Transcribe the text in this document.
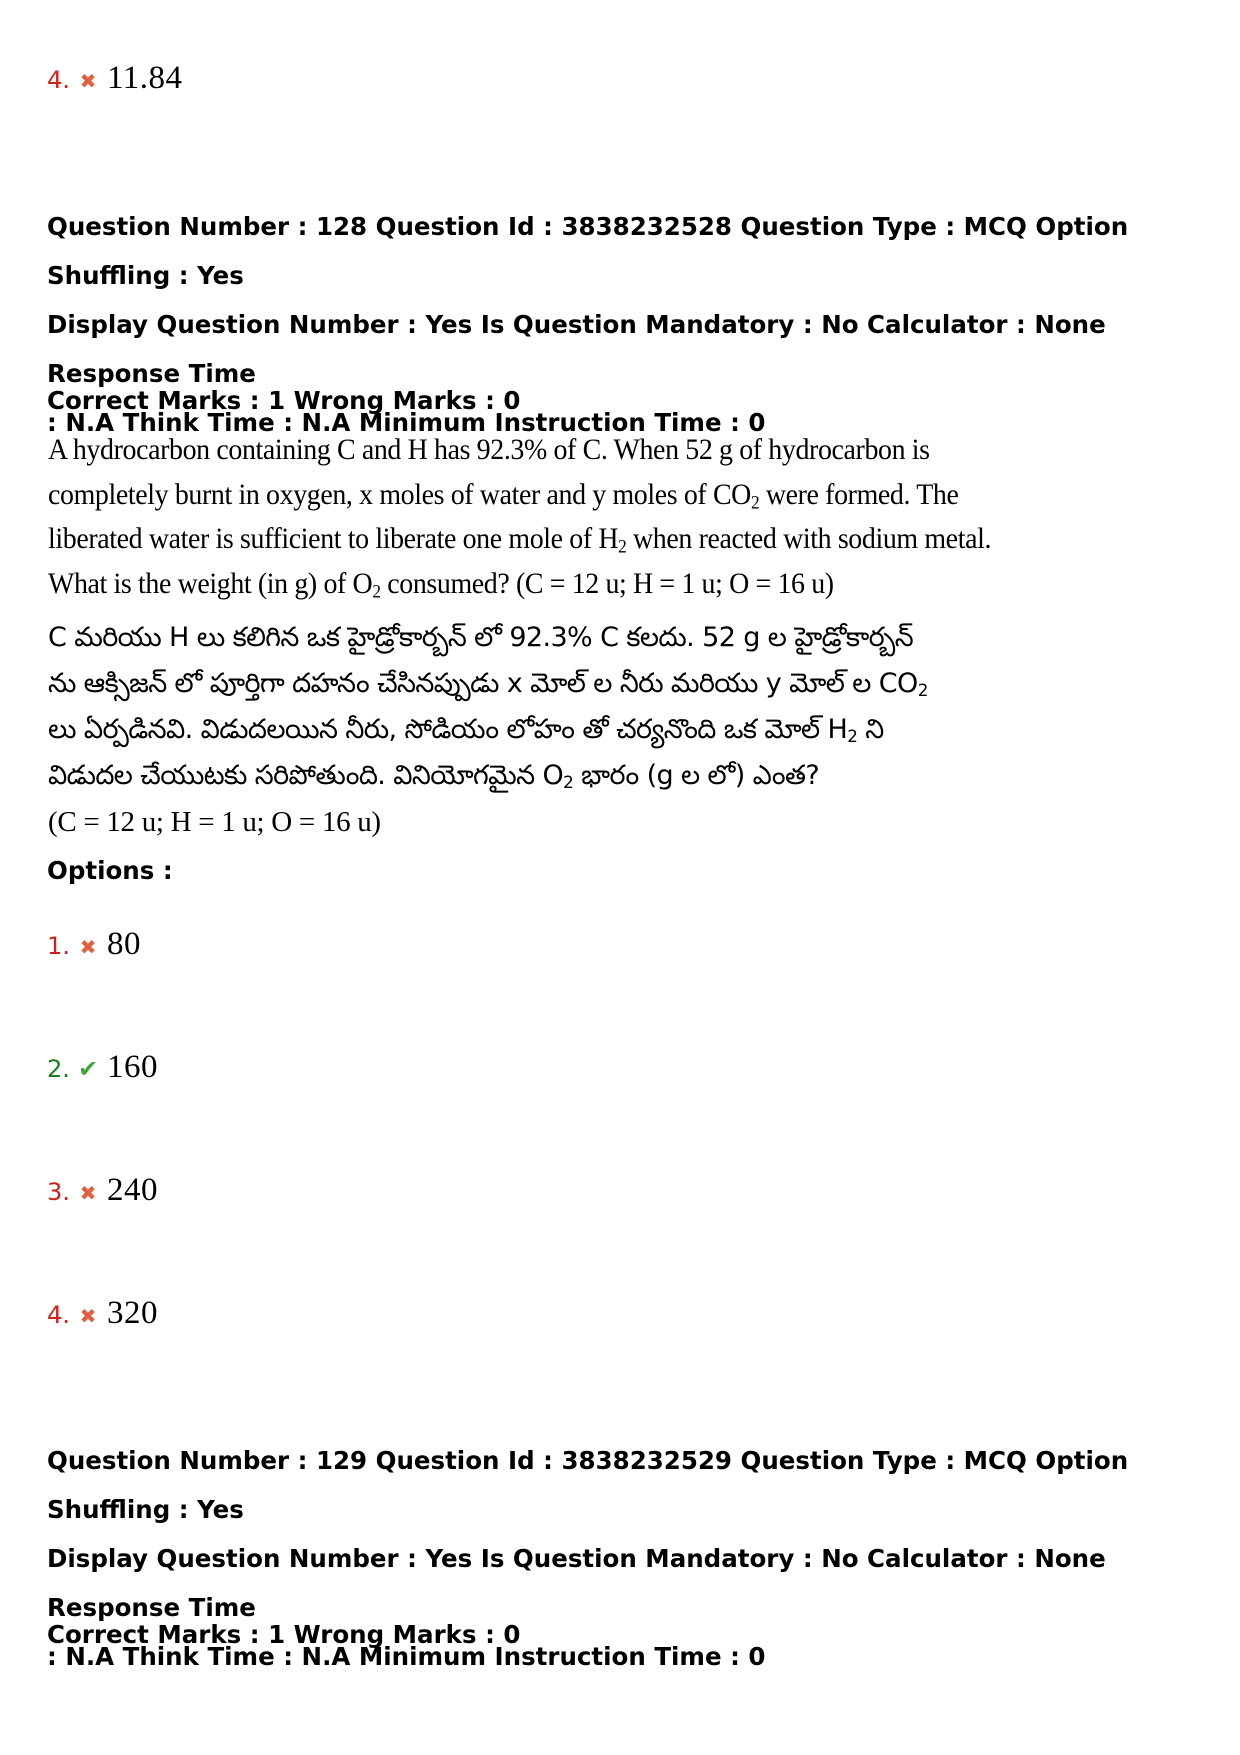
4. ✖ 11.84
Question Number : 128 Question Id : 3838232528 Question Type : MCQ Option Shuffling : Yes
Display Question Number : Yes Is Question Mandatory : No Calculator : None Response Time
: N.A Think Time : N.A Minimum Instruction Time : 0
Correct Marks : 1 Wrong Marks : 0
A hydrocarbon containing C and H has 92.3% of C. When 52 g of hydrocarbon is
completely burnt in oxygen, x moles of water and y moles of $CO_2$ were formed. The
liberated water is sufficient to liberate one mole of $H_2$ when reacted with sodium metal.
What is the weight (in g) of $O_2$ consumed? (C = 12 u; H = 1 u; O = 16 u)
C మరియు H లు కలిగిన ఒక హైడ్రోకార్బన్ లో 92.3% C కలదు. 52 g ల హైడ్రోకార్బన్
ను ఆక్సిజన్ లో పూర్తిగా దహనం చేసినప్పుడు x మోల్ ల నీరు మరియు y మోల్ ల $CO_2$
లు ఏర్పడినవి. విడుదలయిన నీరు, సోడియం లోహం తో చర్యనొంది ఒక మోల్ $H_2$ ని
విడుదల చేయుటకు సరిపోతుంది. వినియోగమైన $O_2$ భారం (g ల లో) ఎంత?
(C = 12 u; H = 1 u; O = 16 u)
Options :
1. ✖ 80
2. ✔ 160
3. ✖ 240
4. ✖ 320
Question Number : 129 Question Id : 3838232529 Question Type : MCQ Option Shuffling : Yes
Display Question Number : Yes Is Question Mandatory : No Calculator : None Response Time
: N.A Think Time : N.A Minimum Instruction Time : 0
Correct Marks : 1 Wrong Marks : 0
